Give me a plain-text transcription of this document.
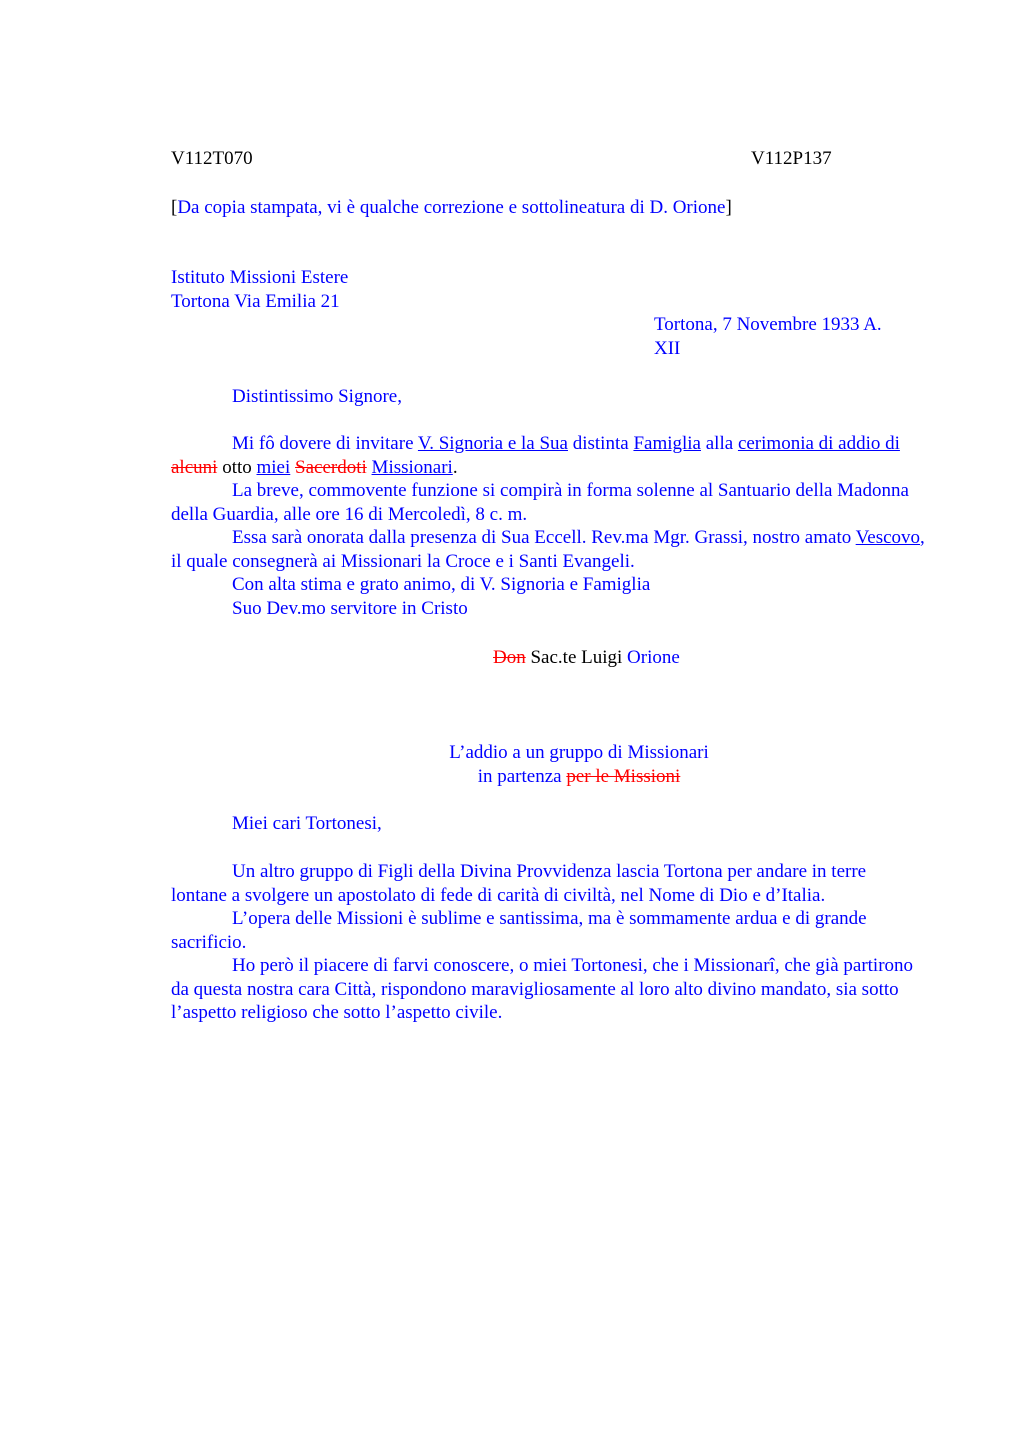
V112T070	V112P137
[Da copia stampata, vi è qualche correzione e sottolineatura di D. Orione]

Istituto Missioni Estere

Tortona Via Emilia 21

Tortona, 7 Novembre 1933 A.

XII

Distintissimo Signore,

Mi fô dovere di invitare V. Signoria e la Sua distinta Famiglia alla cerimonia di addio di alcuni otto miei Sacerdoti Missionari.

La breve, commovente funzione si compirà in forma solenne al Santuario della Madonna della Guardia, alle ore 16 di Mercoledì, 8 c. m.

Essa sarà onorata dalla presenza di Sua Eccell. Rev.ma Mgr. Grassi, nostro amato Vescovo, il quale consegnerà ai Missionari la Croce e i Santi Evangeli.

Con alta stima e grato animo, di V. Signoria e Famiglia

Suo Dev.mo servitore in Cristo

Don Sac.te Luigi Orione

L’addio a un gruppo di Missionari

in partenza per le Missioni

Miei cari Tortonesi,

Un altro gruppo di Figli della Divina Provvidenza lascia Tortona per andare in terre lontane a svolgere un apostolato di fede di carità di civiltà, nel Nome di Dio e d’Italia.

L’opera delle Missioni è sublime e santissima, ma è sommamente ardua e di grande sacrificio.

Ho però il piacere di farvi conoscere, o miei Tortonesi, che i Missionarî, che già partirono da questa nostra cara Città, rispondono maravigliosamente al loro alto divino mandato, sia sotto l’aspetto religioso che sotto l’aspetto civile.
